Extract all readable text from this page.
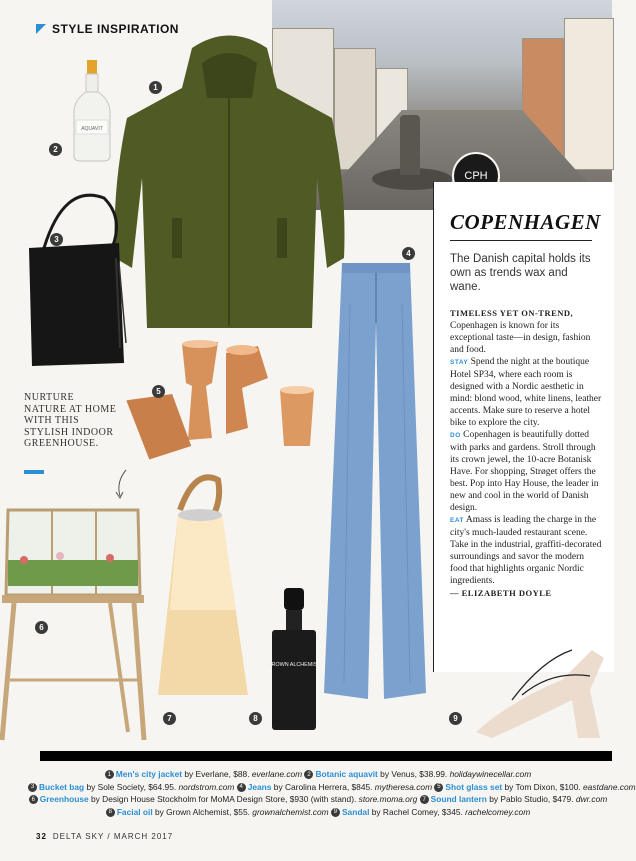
STYLE INSPIRATION
CPH
COPENHAGEN
The Danish capital holds its own as trends wax and wane.

TIMELESS YET ON-TREND, Copenhagen is known for its exceptional taste—in design, fashion and food.

STAY Spend the night at the boutique Hotel SP34, where each room is designed with a Nordic aesthetic in mind: blond wood, white linens, leather accents. Make sure to reserve a hotel bike to explore the city.

DO Copenhagen is beautifully dotted with parks and gardens. Stroll through its crown jewel, the 10-acre Botanisk Have. For shopping, Strøget offers the best. Pop into Hay House, the leader in new and cool in the world of Danish design.

EAT Amass is leading the charge in the city's much-lauded restaurant scene. Take in the industrial, graffiti-decorated surroundings and savor the modern food that highlights organic Nordic ingredients.

— ELIZABETH DOYLE

AQUAVIT
GROWN ALCHEMIST
1
2
3
4
5
6
7	8	9
NURTURE NATURE AT HOME WITH THIS STYLISH INDOOR GREENHOUSE.
1 Men's city jacket by Everlane, $88. everlane.com 2 Botanic aquavit by Venus, $38.99. holidaywinecellar.com
3 Bucket bag by Sole Society, $64.95. nordstrom.com 4 Jeans by Carolina Herrera, $845. mytheresa.com 5 Shot glass set by Tom Dixon, $100. eastdane.com
6 Greenhouse by Design House Stockholm for MoMA Design Store, $930 (with stand). store.moma.org 7 Sound lantern by Pablo Studio, $479. dwr.com
8 Facial oil by Grown Alchemist, $55. grownalchemist.com 9 Sandal by Rachel Comey, $345. rachelcomey.com
32 DELTA SKY / MARCH 2017
